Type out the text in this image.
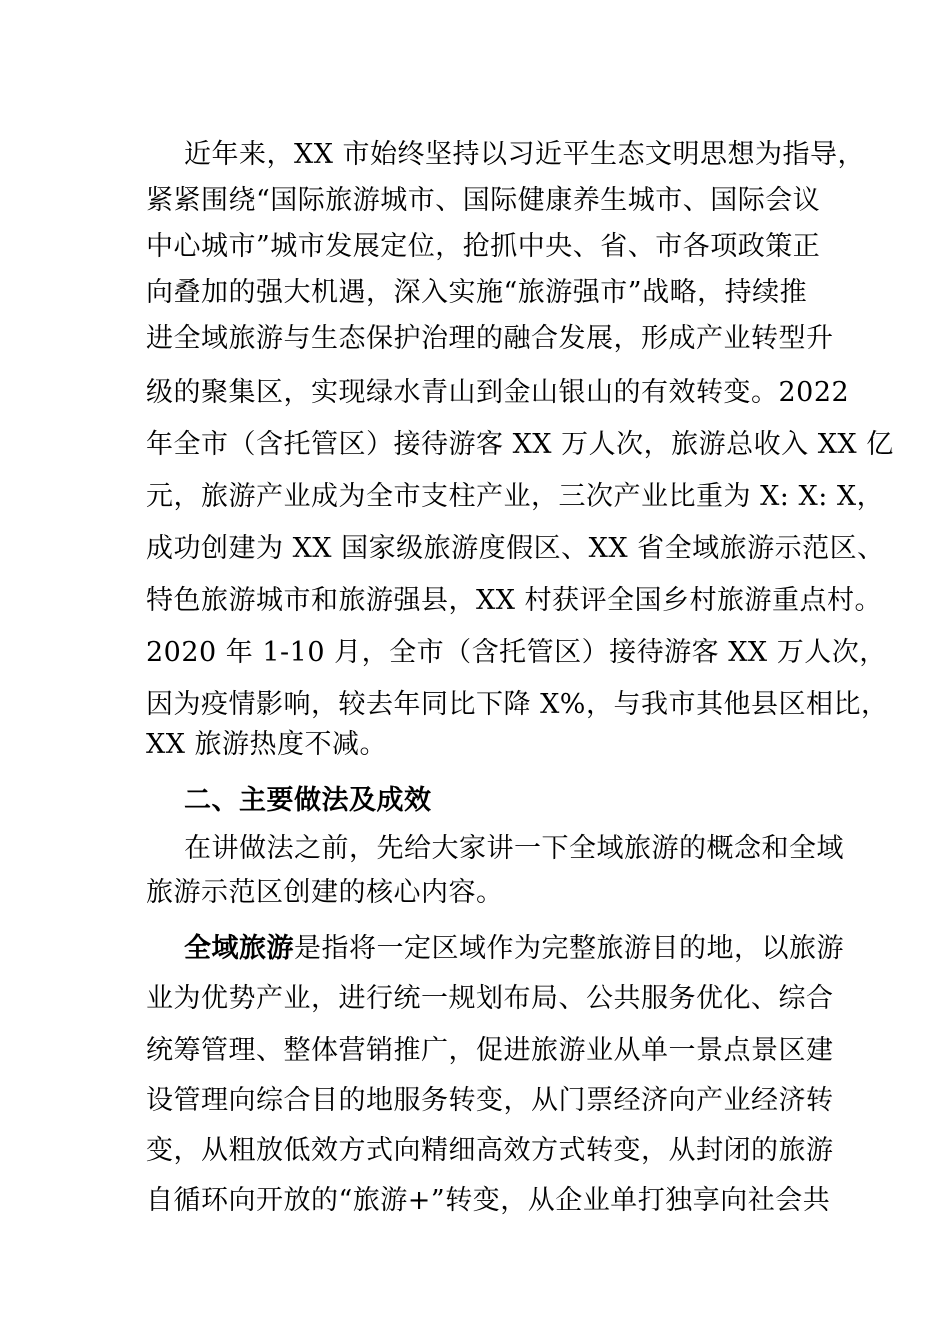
近年来，XX 市始终坚持以习近平生态文明思想为指导，
紧紧围绕“国际旅游城市、国际健康养生城市、国际会议
中心城市”城市发展定位，抢抓中央、省、市各项政策正
向叠加的强大机遇，深入实施“旅游强市”战略，持续推
进全域旅游与生态保护治理的融合发展，形成产业转型升
级的聚集区，实现绿水青山到金山银山的有效转变。2022
年全市（含托管区）接待游客 XX 万人次，旅游总收入 XX 亿
元，旅游产业成为全市支柱产业，三次产业比重为 X: X: X，
成功创建为 XX 国家级旅游度假区、XX 省全域旅游示范区、
特色旅游城市和旅游强县，XX 村获评全国乡村旅游重点村。
2020 年 1-10 月，全市（含托管区）接待游客 XX 万人次，
因为疫情影响，较去年同比下降 X%，与我市其他县区相比，
XX 旅游热度不减。
二、主要做法及成效
在讲做法之前，先给大家讲一下全域旅游的概念和全域
旅游示范区创建的核心内容。
全域旅游是指将一定区域作为完整旅游目的地，以旅游
业为优势产业，进行统一规划布局、公共服务优化、综合
统筹管理、整体营销推广，促进旅游业从单一景点景区建
设管理向综合目的地服务转变，从门票经济向产业经济转
变，从粗放低效方式向精细高效方式转变，从封闭的旅游
自循环向开放的“旅游+”转变，从企业单打独享向社会共
